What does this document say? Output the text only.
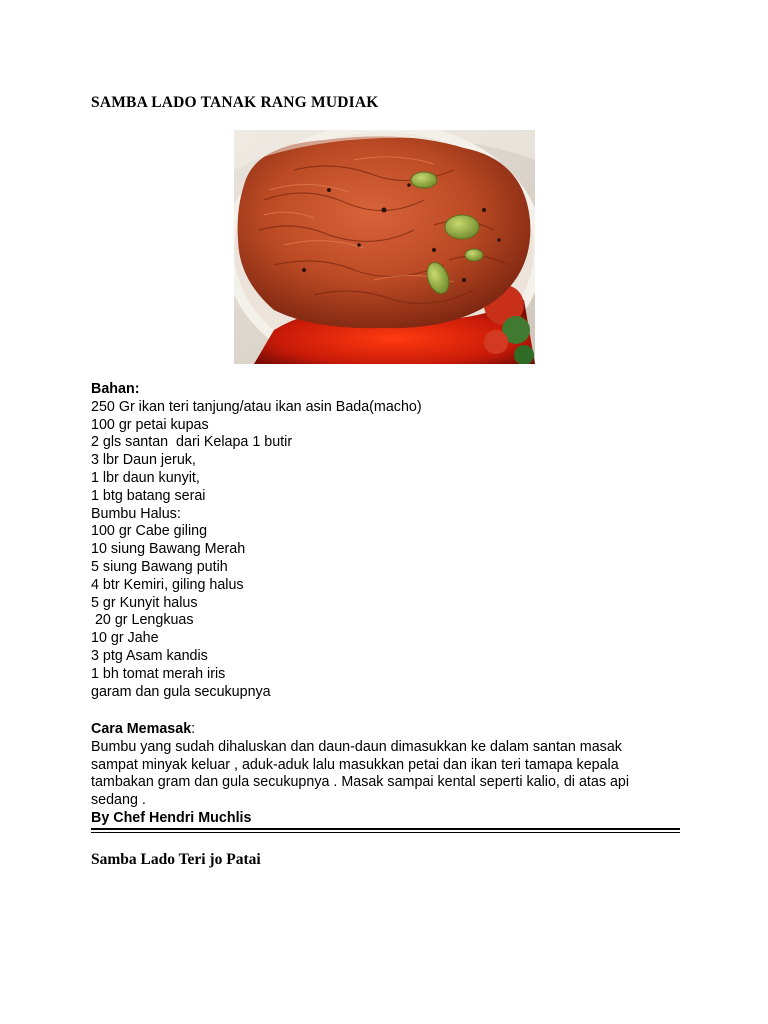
SAMBA LADO TANAK RANG MUDIAK
Bahan:
250 Gr ikan teri tanjung/atau ikan asin Bada(macho)
100 gr petai kupas
2 gls santan  dari Kelapa 1 butir
3 lbr Daun jeruk,
1 lbr daun kunyit,
1 btg batang serai
Bumbu Halus:
100 gr Cabe giling
10 siung Bawang Merah
5 siung Bawang putih
4 btr Kemiri, giling halus
5 gr Kunyit halus
20 gr Lengkuas
10 gr Jahe
3 ptg Asam kandis
1 bh tomat merah iris
garam dan gula secukupnya
Cara Memasak:
Bumbu yang sudah dihaluskan dan daun-daun dimasukkan ke dalam santan masak sampat minyak keluar , aduk-aduk lalu masukkan petai dan ikan teri tamapa kepala tambakan gram dan gula secukupnya . Masak sampai kental seperti kalio, di atas api sedang .
By Chef Hendri Muchlis
Samba Lado Teri jo Patai
